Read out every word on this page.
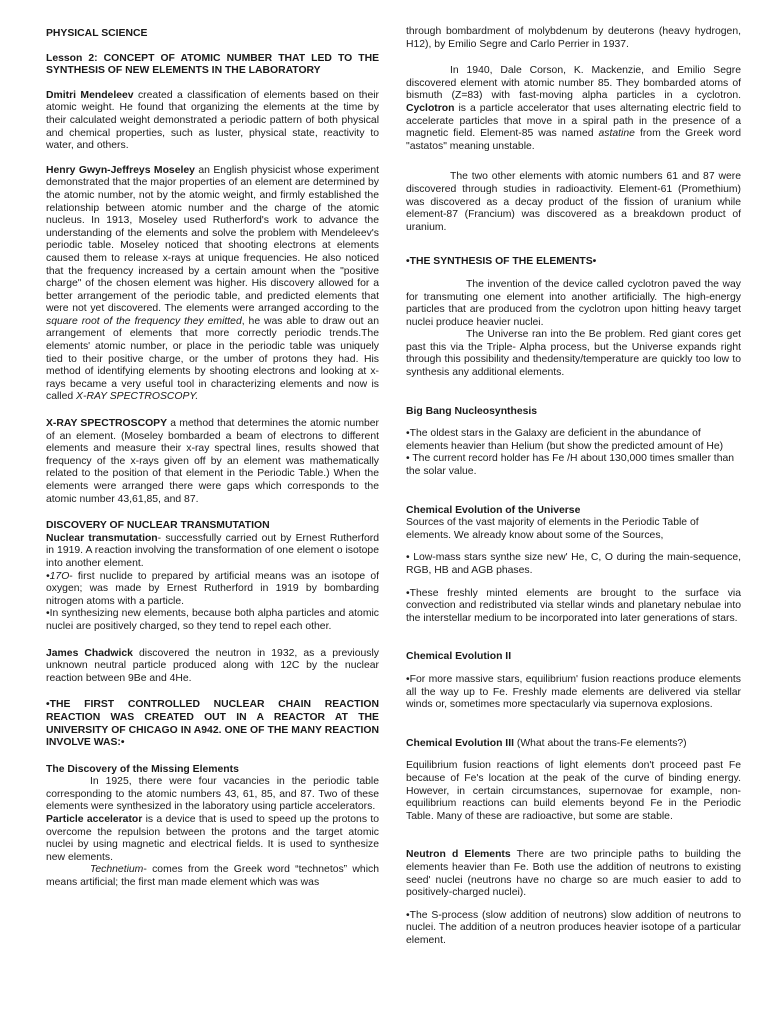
PHYSICAL SCIENCE

Lesson 2: CONCEPT OF ATOMIC NUMBER THAT LED TO THE SYNTHESIS OF NEW ELEMENTS IN THE LABORATORY

Dmitri Mendeleev created a classification of elements based on their atomic weight. He found that organizing the elements at the time by their calculated weight demonstrated a periodic pattern of both physical and chemical properties, such as luster, physical state, reactivity to water, and others.

Henry Gwyn-Jeffreys Moseley an English physicist whose experiment demonstrated that the major properties of an element are determined by the atomic number, not by the atomic weight, and firmly established the relationship between atomic number and the charge of the atomic nucleus. In 1913, Moseley used Rutherford's work to advance the understanding of the elements and solve the problem with Mendeleev's periodic table. Moseley noticed that shooting electrons at elements caused them to release x-rays at unique frequencies. He also noticed that the frequency increased by a certain amount when the "positive charge" of the chosen element was higher. His discovery allowed for a better arrangement of the periodic table, and predicted elements that were not yet discovered. The elements were arranged according to the square root of the frequency they emitted, he was able to draw out an arrangement of elements that more correctly periodic trends.The elements' atomic number, or place in the periodic table was uniquely tied to their positive charge, or the umber of protons they had. His method of identifying elements by shooting electrons and looking at x-rays became a very useful tool in characterizing elements and now is called X-RAY SPECTROSCOPY.

X-RAY SPECTROSCOPY a method that determines the atomic number of an element. (Moseley bombarded a beam of electrons to different elements and measure their x-ray spectral lines, results showed that frequency of the x-rays given off by an element was mathematically related to the position of that element in the Periodic Table.) When the elements were arranged there were gaps which corresponds to the atomic number 43,61,85, and 87.

DISCOVERY OF NUCLEAR TRANSMUTATION

Nuclear transmutation- successfully carried out by Ernest Rutherford in 1919. A reaction involving the transformation of one element o isotope into another element.

•17O- first nuclide to prepared by artificial means was an isotope of oxygen; was made by Ernest Rutherford in 1919 by bombarding nitrogen atoms with a particle.

•In synthesizing new elements, because both alpha particles and atomic nuclei are positively charged, so they tend to repel each other.

James Chadwick discovered the neutron in 1932, as a previously unknown neutral particle produced along with 12C by the nuclear reaction between 9Be and 4He.

•THE FIRST CONTROLLED NUCLEAR CHAIN REACTION REACTION WAS CREATED OUT IN A REACTOR AT THE UNIVERSITY OF CHICAGO IN A942. ONE OF THE MANY REACTION INVOLVE WAS:•

The Discovery of the Missing Elements

In 1925, there were four vacancies in the periodic table corresponding to the atomic numbers 43, 61, 85, and 87. Two of these elements were synthesized in the laboratory using particle accelerators.

Particle accelerator is a device that is used to speed up the protons to overcome the repulsion between the protons and the target atomic nuclei by using magnetic and electrical fields. It is used to synthesize new elements.

Technetium- comes from the Greek word “technetos” which means artificial; the first man made element which was was

through bombardment of molybdenum by deuterons (heavy hydrogen, H12), by Emilio Segre and Carlo Perrier in 1937.

In 1940, Dale Corson, K. Mackenzie, and Emilio Segre discovered element with atomic number 85. They bombarded atoms of bismuth (Z=83) with fast-moving alpha particles in a cyclotron. Cyclotron is a particle accelerator that uses alternating electric field to accelerate particles that move in a spiral path in the presence of a magnetic field. Element-85 was named astatine from the Greek word "astatos" meaning unstable.

The two other elements with atomic numbers 61 and 87 were discovered through studies in radioactivity. Element-61 (Promethium) was discovered as a decay product of the fission of uranium while element-87 (Francium) was discovered as a breakdown product of uranium.

•THE SYNTHESIS OF THE ELEMENTS•

The invention of the device called cyclotron paved the way for transmuting one element into another artificially. The high-energy particles that are produced from the cyclotron upon hitting heavy target nuclei produce heavier nuclei.

The Universe ran into the Be problem. Red giant cores get past this via the Triple- Alpha process, but the Universe expands right through this possibility and thedensity/temperature are quickly too low to synthesis any additional elements.

Big Bang Nucleosynthesis

•The oldest stars in the Galaxy are deficient in the abundance of elements heavier than Helium (but show the predicted amount of He)

• The current record holder has Fe /H about 130,000 times smaller than the solar value.

Chemical Evolution of the Universe

Sources of the vast majority of elements in the Periodic Table of elements. We already know about some of the Sources,

• Low-mass stars synthe size new' He, C, O during the main-sequence, RGB, HB and AGB phases.

•These freshly minted elements are brought to the surface via convection and redistributed via stellar winds and planetary nebulae into the interstellar medium to be incorporated into later generations of stars.

Chemical Evolution II

•For more massive stars, equilibrium' fusion reactions produce elements all the way up to Fe. Freshly made elements are delivered via stellar winds or, sometimes more spectacularly via supernova explosions.

Chemical Evolution III (What about the trans-Fe elements?)

Equilibrium fusion reactions of light elements don't proceed past Fe because of Fe's location at the peak of the curve of binding energy. However, in certain circumstances, supernovae for example, non-equilibrium reactions can build elements beyond Fe in the Periodic Table. Many of these are radioactive, but some are stable.

Neutron d Elements There are two principle paths to building the elements heavier than Fe. Both use the addition of neutrons to existing seed' nuclei (neutrons have no charge so are much easier to add to positively-charged nuclei).

•The S-process (slow addition of neutrons) slow addition of neutrons to nuclei. The addition of a neutron produces heavier isotope of a particular element.
